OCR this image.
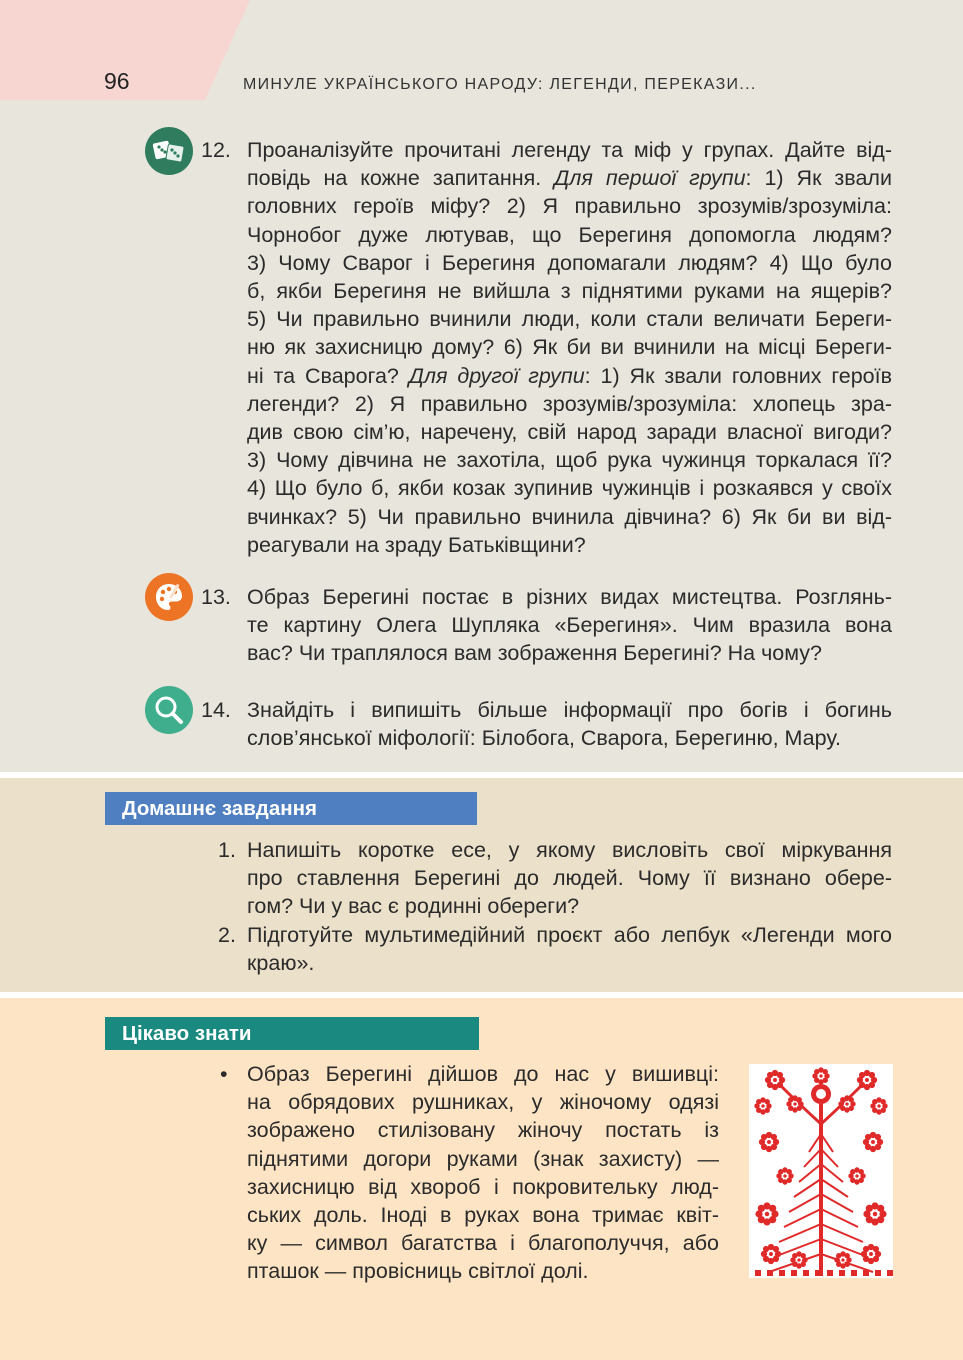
96	МИНУЛЕ УКРАЇНСЬКОГО НАРОДУ: ЛЕГЕНДИ, ПЕРЕКАЗИ...
12. Проаналізуйте прочитані легенду та міф у групах. Дайте від-
повідь на кожне запитання. Для першої групи: 1) Як звали
головних героїв міфу? 2) Я правильно зрозумів/зрозуміла:
Чорнобог дуже лютував, що Берегиня допомогла людям?
3) Чому Сварог і Берегиня допомагали людям? 4) Що було
б, якби Берегиня не вийшла з піднятими руками на ящерів?
5) Чи правильно вчинили люди, коли стали величати Береги-
ню як захисницю дому? 6) Як би ви вчинили на місці Береги-
ні та Сварога? Для другої групи: 1) Як звали головних героїв
легенди? 2) Я правильно зрозумів/зрозуміла: хлопець зра-
див свою сім’ю, наречену, свій народ заради власної вигоди?
3) Чому дівчина не захотіла, щоб рука чужинця торкалася її?
4) Що було б, якби козак зупинив чужинців і розкаявся у своїх
вчинках? 5) Чи правильно вчинила дівчина? 6) Як би ви від-
реагували на зраду Батьківщини?
13. Образ Берегині постає в різних видах мистецтва. Розглянь-
те картину Олега Шупляка «Берегиня». Чим вразила вона
вас? Чи траплялося вам зображення Берегині? На чому?
14. Знайдіть і випишіть більше інформації про богів і богинь
слов’янської міфології: Білобога, Сварога, Берегиню, Мару.
Домашнє завдання
1. Напишіть коротке есе, у якому висловіть свої міркування
про ставлення Берегині до людей. Чому її визнано обере-
гом? Чи у вас є родинні обереги?
2. Підготуйте мультимедійний проєкт або лепбук «Легенди мого
краю».
Цікаво знати
• Образ Берегині дійшов до нас у вишивці:
на обрядових рушниках, у жіночому одязі
зображено стилізовану жіночу постать із
піднятими догори руками (знак захисту) —
захисницю від хвороб і покровительку люд-
ських доль. Іноді в руках вона тримає квіт-
ку — символ багатства і благополуччя, або
пташок — провісниць світлої долі.
